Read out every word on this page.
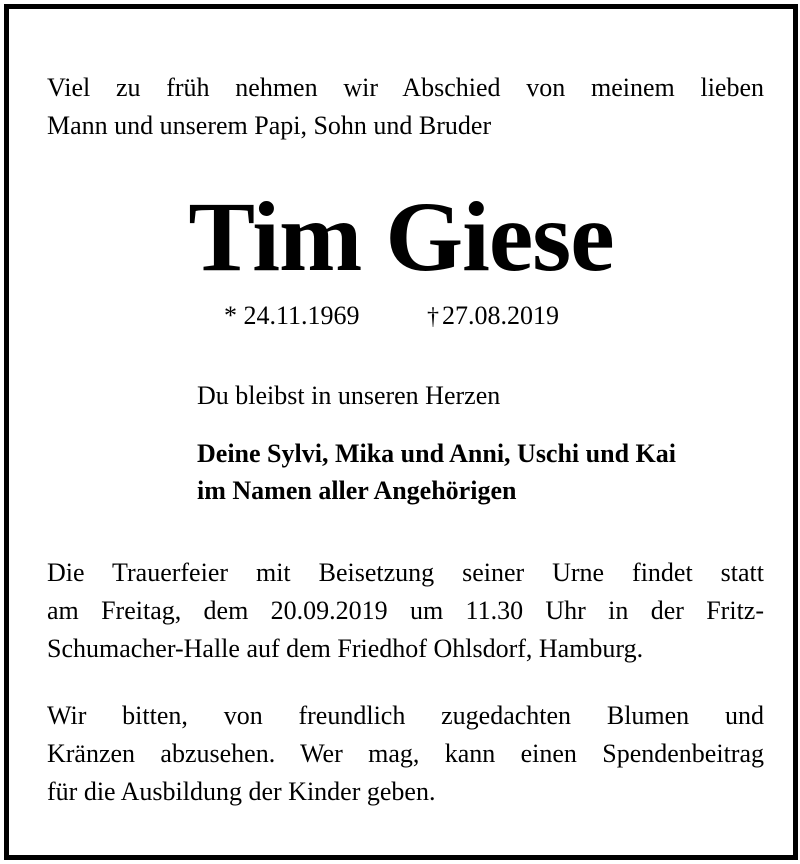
Viel zu früh nehmen wir Abschied von meinem lieben
Mann und unserem Papi, Sohn und Bruder
Tim Giese
* 24.11.1969	† 27.08.2019
Du bleibst in unseren Herzen
Deine Sylvi, Mika und Anni, Uschi und Kai
im Namen aller Angehörigen
Die Trauerfeier mit Beisetzung seiner Urne findet statt
am Freitag, dem 20.09.2019 um 11.30 Uhr in der Fritz-
Schumacher-Halle auf dem Friedhof Ohlsdorf, Hamburg.
Wir bitten, von freundlich zugedachten Blumen und
Kränzen abzusehen. Wer mag, kann einen Spendenbeitrag
für die Ausbildung der Kinder geben.
